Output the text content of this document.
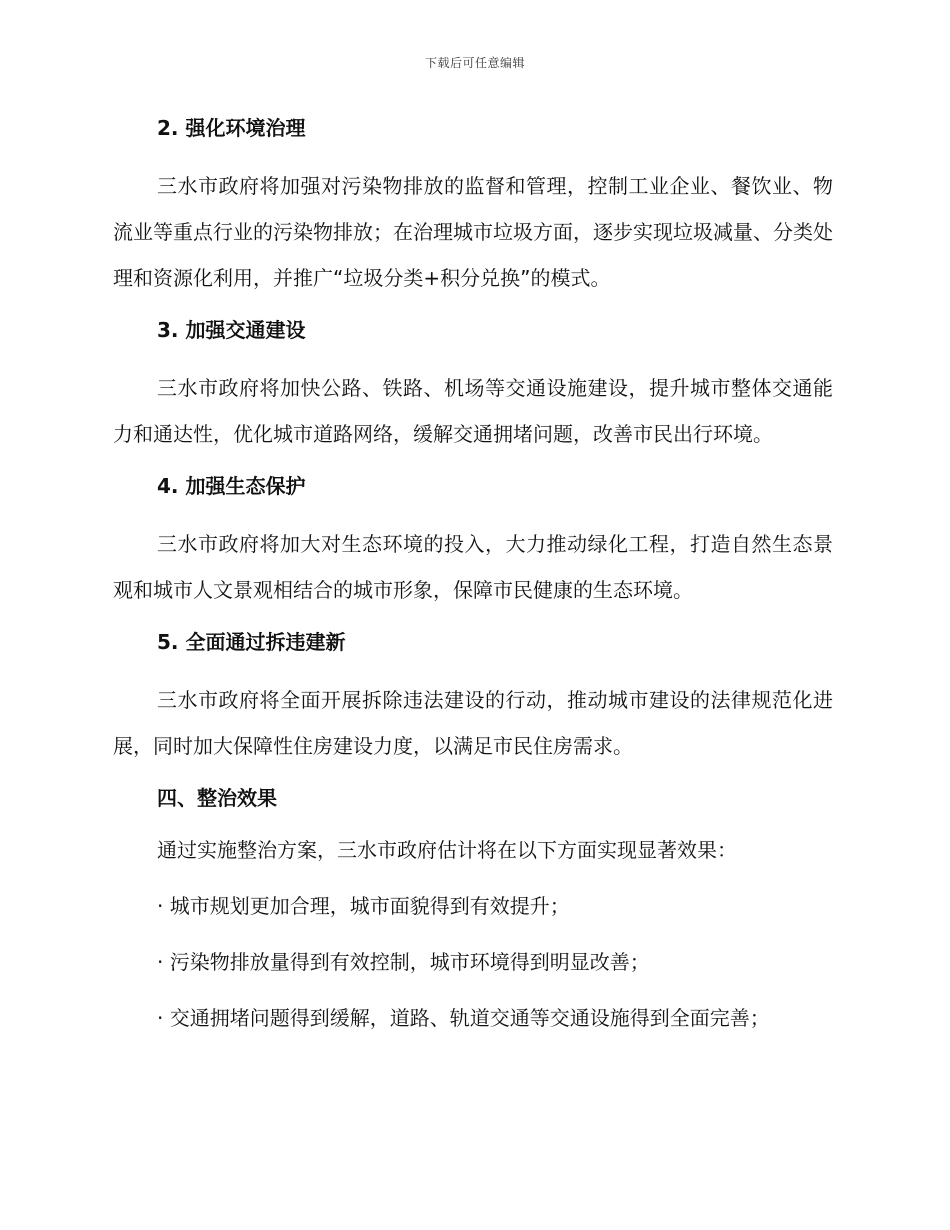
下载后可任意编辑
2. 强化环境治理

三水市政府将加强对污染物排放的监督和管理，控制工业企业、餐饮业、物流业等重点行业的污染物排放；在治理城市垃圾方面，逐步实现垃圾减量、分类处理和资源化利用，并推广“垃圾分类+积分兑换”的模式。

3. 加强交通建设

三水市政府将加快公路、铁路、机场等交通设施建设，提升城市整体交通能力和通达性，优化城市道路网络，缓解交通拥堵问题，改善市民出行环境。

4. 加强生态保护

三水市政府将加大对生态环境的投入，大力推动绿化工程，打造自然生态景观和城市人文景观相结合的城市形象，保障市民健康的生态环境。

5. 全面通过拆违建新

三水市政府将全面开展拆除违法建设的行动，推动城市建设的法律规范化进展，同时加大保障性住房建设力度，以满足市民住房需求。

四、整治效果
通过实施整治方案，三水市政府估计将在以下方面实现显著效果：
· 城市规划更加合理，城市面貌得到有效提升；
· 污染物排放量得到有效控制，城市环境得到明显改善；
· 交通拥堵问题得到缓解，道路、轨道交通等交通设施得到全面完善；
